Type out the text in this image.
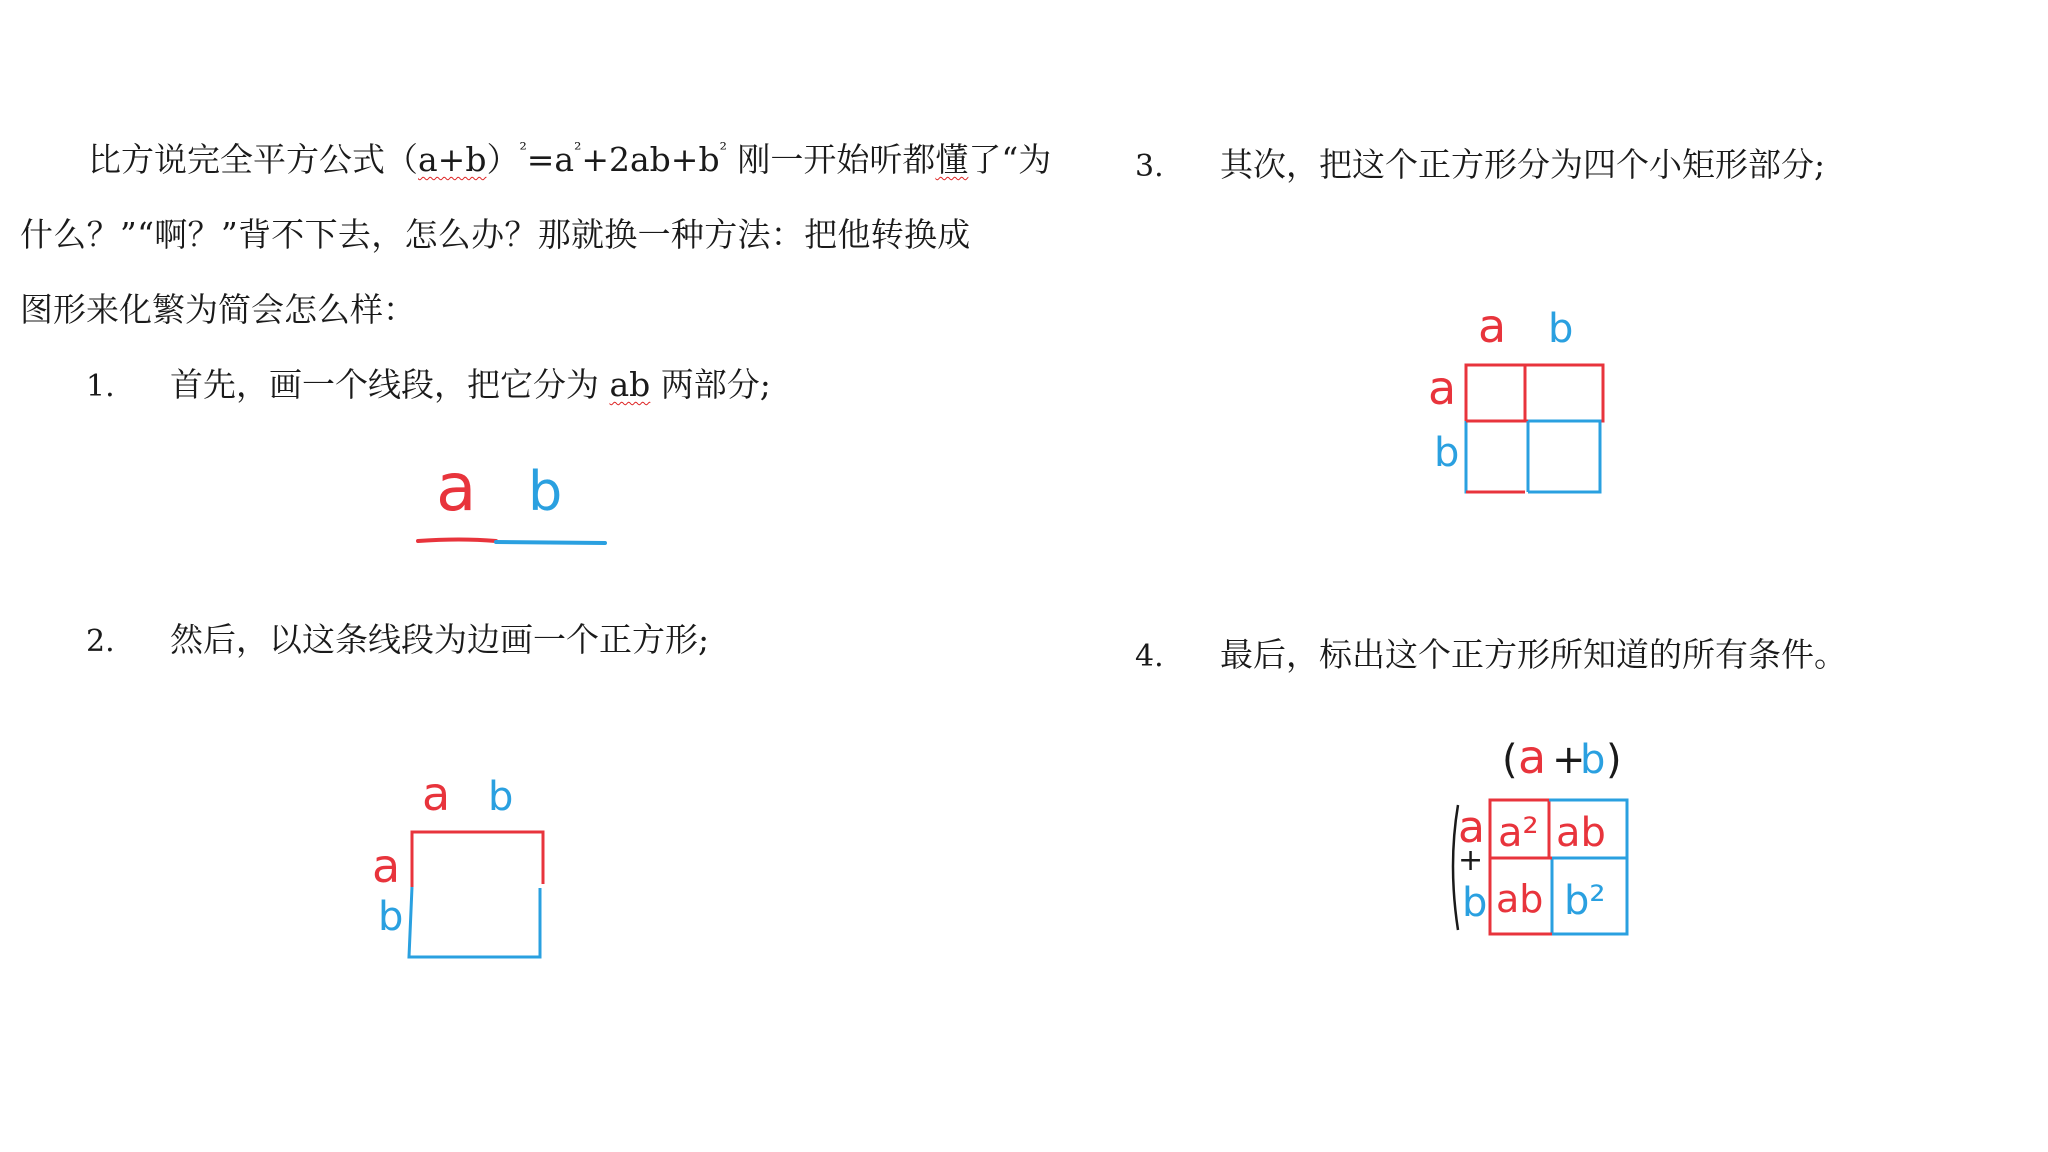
比方说完全平方公式$(a+b)^{^2}=a^{^2}+2ab+b^{^2}$ 刚一开始听都懂了“为
什么？”“啊？”背不下去，怎么办？那就换一种方法：把他转换成
图形来化繁为简会怎么样：
1. 首先，画一个线段，把它分为 ab 两部分;
a b
2. 然后，以这条线段为边画一个正方形;
a b
a
b
3. 其次，把这个正方形分为四个小矩形部分;
a b
a
b
4. 最后，标出这个正方形所知道的所有条件。
( a +
b )
a
+
b
a² ab
ab b²
